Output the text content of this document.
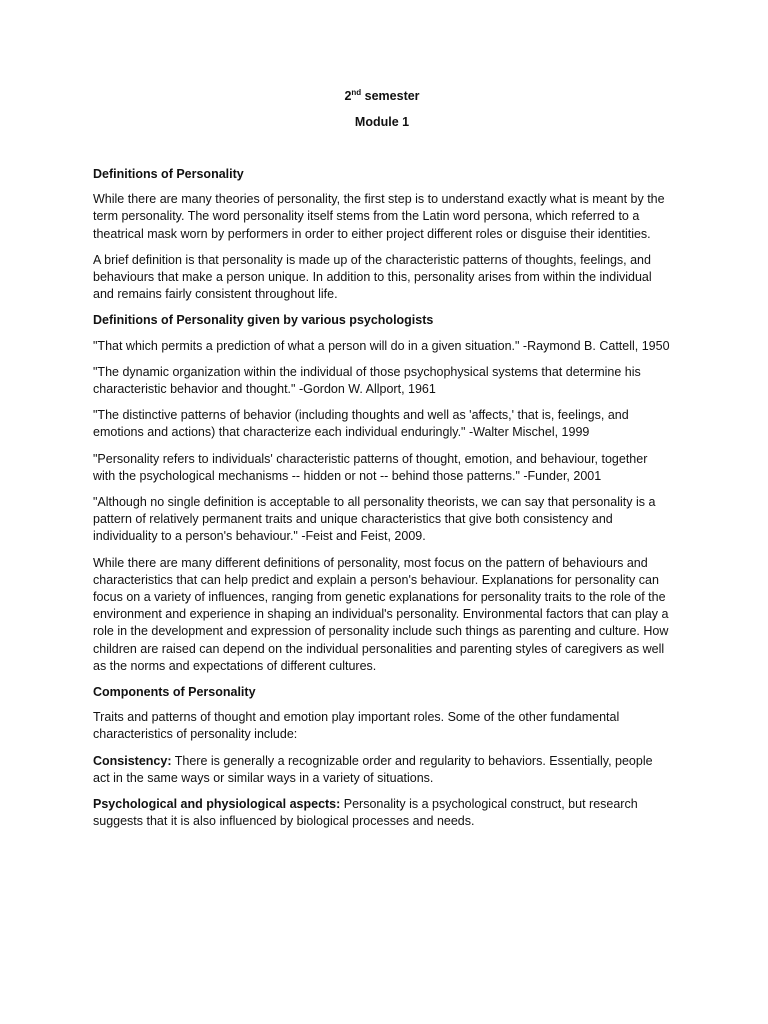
2nd semester
Module 1
Definitions of Personality

While there are many theories of personality, the first step is to understand exactly what is meant by the term personality. The word personality itself stems from the Latin word persona, which referred to a theatrical mask worn by performers in order to either project different roles or disguise their identities.

A brief definition is that personality is made up of the characteristic patterns of thoughts, feelings, and behaviours that make a person unique. In addition to this, personality arises from within the individual and remains fairly consistent throughout life.

Definitions of Personality given by various psychologists

"That which permits a prediction of what a person will do in a given situation." -Raymond B. Cattell, 1950

"The dynamic organization within the individual of those psychophysical systems that determine his characteristic behavior and thought." -Gordon W. Allport, 1961

"The distinctive patterns of behavior (including thoughts and well as 'affects,' that is, feelings, and emotions and actions) that characterize each individual enduringly." -Walter Mischel, 1999

"Personality refers to individuals' characteristic patterns of thought, emotion, and behaviour, together with the psychological mechanisms -- hidden or not -- behind those patterns." -Funder, 2001

"Although no single definition is acceptable to all personality theorists, we can say that personality is a pattern of relatively permanent traits and unique characteristics that give both consistency and individuality to a person's behaviour." -Feist and Feist, 2009.

While there are many different definitions of personality, most focus on the pattern of behaviours and characteristics that can help predict and explain a person's behaviour. Explanations for personality can focus on a variety of influences, ranging from genetic explanations for personality traits to the role of the environment and experience in shaping an individual's personality. Environmental factors that can play a role in the development and expression of personality include such things as parenting and culture. How children are raised can depend on the individual personalities and parenting styles of caregivers as well as the norms and expectations of different cultures.

Components of Personality

Traits and patterns of thought and emotion play important roles. Some of the other fundamental characteristics of personality include:

Consistency: There is generally a recognizable order and regularity to behaviors. Essentially, people act in the same ways or similar ways in a variety of situations.

Psychological and physiological aspects: Personality is a psychological construct, but research suggests that it is also influenced by biological processes and needs.
